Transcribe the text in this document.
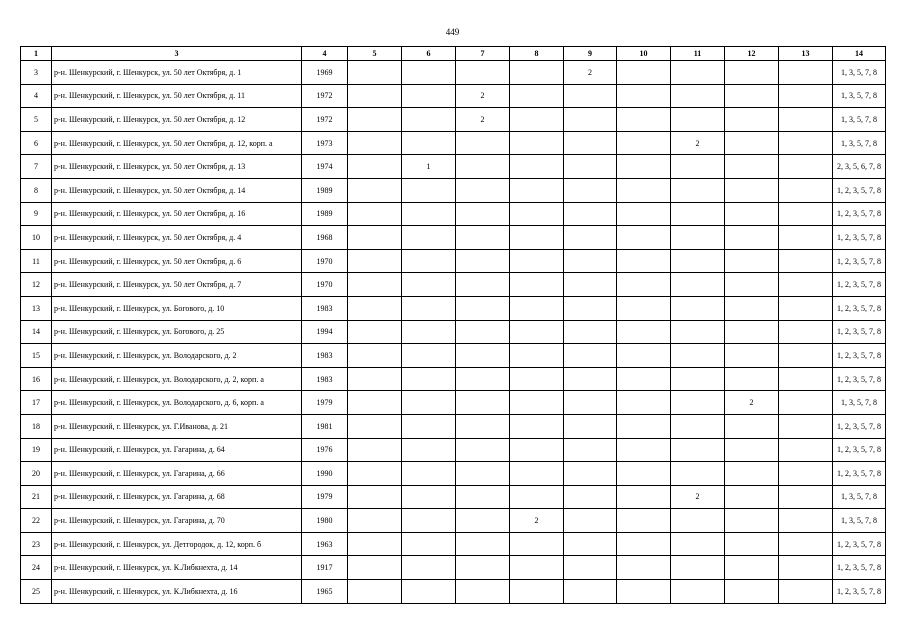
449
1	3	4	5	6	7	8	9	10	11	12	13	14
3	р-н. Шенкурский, г. Шенкурск, ул. 50 лет Октября, д. 1	1969					2					1, 3, 5, 7, 8
4	р-н. Шенкурский, г. Шенкурск, ул. 50 лет Октября, д. 11	1972			2							1, 3, 5, 7, 8
5	р-н. Шенкурский, г. Шенкурск, ул. 50 лет Октября, д. 12	1972			2							1, 3, 5, 7, 8
6	р-н. Шенкурский, г. Шенкурск, ул. 50 лет Октября, д. 12, корп. а	1973							2			1, 3, 5, 7, 8
7	р-н. Шенкурский, г. Шенкурск, ул. 50 лет Октября, д. 13	1974		1								2, 3, 5, 6, 7, 8
8	р-н. Шенкурский, г. Шенкурск, ул. 50 лет Октября, д. 14	1989										1, 2, 3, 5, 7, 8
9	р-н. Шенкурский, г. Шенкурск, ул. 50 лет Октября, д. 16	1989										1, 2, 3, 5, 7, 8
10	р-н. Шенкурский, г. Шенкурск, ул. 50 лет Октября, д. 4	1968										1, 2, 3, 5, 7, 8
11	р-н. Шенкурский, г. Шенкурск, ул. 50 лет Октября, д. 6	1970										1, 2, 3, 5, 7, 8
12	р-н. Шенкурский, г. Шенкурск, ул. 50 лет Октября, д. 7	1970										1, 2, 3, 5, 7, 8
13	р-н. Шенкурский, г. Шенкурск, ул. Богового, д. 10	1983										1, 2, 3, 5, 7, 8
14	р-н. Шенкурский, г. Шенкурск, ул. Богового, д. 25	1994										1, 2, 3, 5, 7, 8
15	р-н. Шенкурский, г. Шенкурск, ул. Володарского, д. 2	1983										1, 2, 3, 5, 7, 8
16	р-н. Шенкурский, г. Шенкурск, ул. Володарского, д. 2, корп. а	1983										1, 2, 3, 5, 7, 8
17	р-н. Шенкурский, г. Шенкурск, ул. Володарского, д. 6, корп. а	1979								2		1, 3, 5, 7, 8
18	р-н. Шенкурский, г. Шенкурск, ул. Г.Иванова, д. 21	1981										1, 2, 3, 5, 7, 8
19	р-н. Шенкурский, г. Шенкурск, ул. Гагарина, д. 64	1976										1, 2, 3, 5, 7, 8
20	р-н. Шенкурский, г. Шенкурск, ул. Гагарина, д. 66	1990										1, 2, 3, 5, 7, 8
21	р-н. Шенкурский, г. Шенкурск, ул. Гагарина, д. 68	1979							2			1, 3, 5, 7, 8
22	р-н. Шенкурский, г. Шенкурск, ул. Гагарина, д. 70	1980				2						1, 3, 5, 7, 8
23	р-н. Шенкурский, г. Шенкурск, ул. Детгородок, д. 12, корп. б	1963										1, 2, 3, 5, 7, 8
24	р-н. Шенкурский, г. Шенкурск, ул. К.Либкнехта, д. 14	1917										1, 2, 3, 5, 7, 8
25	р-н. Шенкурский, г. Шенкурск, ул. К.Либкнехта, д. 16	1965										1, 2, 3, 5, 7, 8
